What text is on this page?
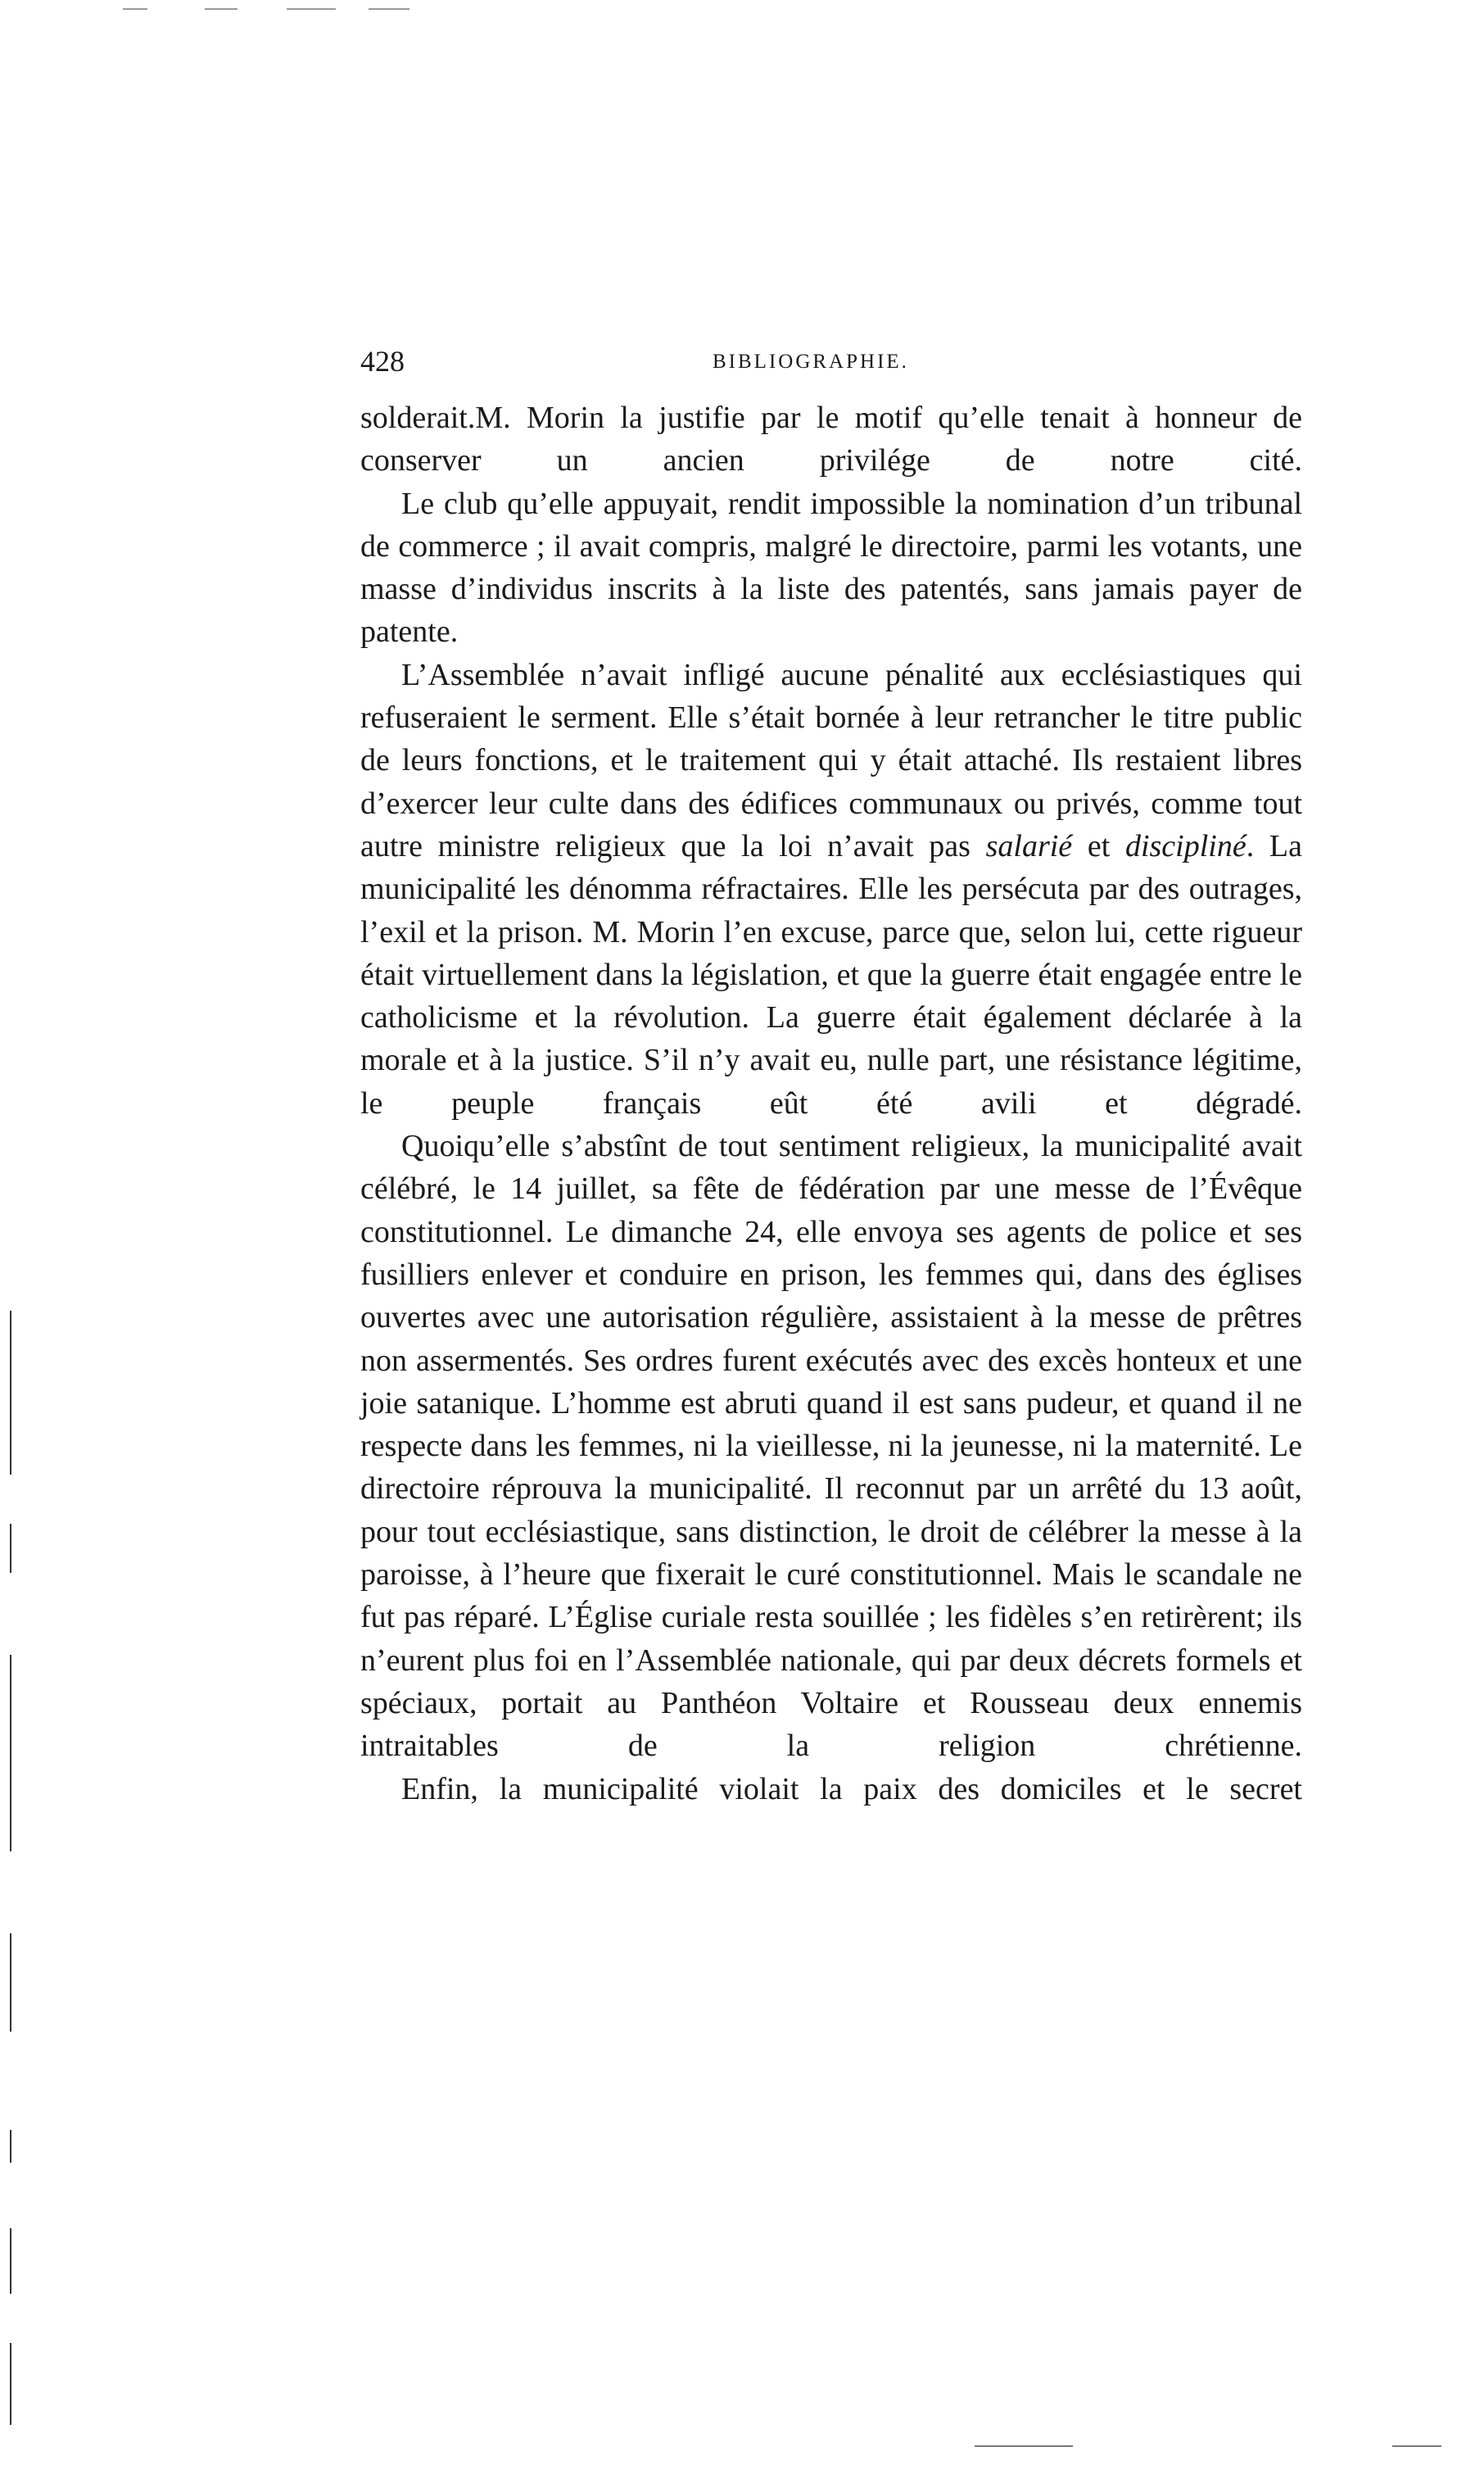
428	BIBLIOGRAPHIE.

solderait.M. Morin la justifie par le motif qu’elle tenait à honneur de conserver un ancien privilége de notre cité.

Le club qu’elle appuyait, rendit impossible la nomination d’un tribunal de commerce ; il avait compris, malgré le directoire, parmi les votants, une masse d’individus inscrits à la liste des patentés, sans jamais payer de patente.

L’Assemblée n’avait infligé aucune pénalité aux ecclésiastiques qui refuseraient le serment. Elle s’était bornée à leur retrancher le titre public de leurs fonctions, et le traitement qui y était attaché. Ils restaient libres d’exercer leur culte dans des édifices communaux ou privés, comme tout autre ministre religieux que la loi n’avait pas salarié et discipliné. La municipalité les dénomma réfractaires. Elle les persécuta par des outrages, l’exil et la prison. M. Morin l’en excuse, parce que, selon lui, cette rigueur était virtuellement dans la législation, et que la guerre était engagée entre le catholicisme et la révolution. La guerre était également déclarée à la morale et à la justice. S’il n’y avait eu, nulle part, une résistance légitime, le peuple français eût été avili et dégradé.

Quoiqu’elle s’abstînt de tout sentiment religieux, la municipalité avait célébré, le 14 juillet, sa fête de fédération par une messe de l’Évêque constitutionnel. Le dimanche 24, elle envoya ses agents de police et ses fusilliers enlever et conduire en prison, les femmes qui, dans des églises ouvertes avec une autorisation régulière, assistaient à la messe de prêtres non assermentés. Ses ordres furent exécutés avec des excès honteux et une joie satanique. L’homme est abruti quand il est sans pudeur, et quand il ne respecte dans les femmes, ni la vieillesse, ni la jeunesse, ni la maternité. Le directoire réprouva la municipalité. Il reconnut par un arrêté du 13 août, pour tout ecclésiastique, sans distinction, le droit de célébrer la messe à la paroisse, à l’heure que fixerait le curé constitutionnel. Mais le scandale ne fut pas réparé. L’Église curiale resta souillée ; les fidèles s’en retirèrent; ils n’eurent plus foi en l’Assemblée nationale, qui par deux décrets formels et spéciaux, portait au Panthéon Voltaire et Rousseau deux ennemis intraitables de la religion chrétienne.

Enfin, la municipalité violait la paix des domiciles et le secret
